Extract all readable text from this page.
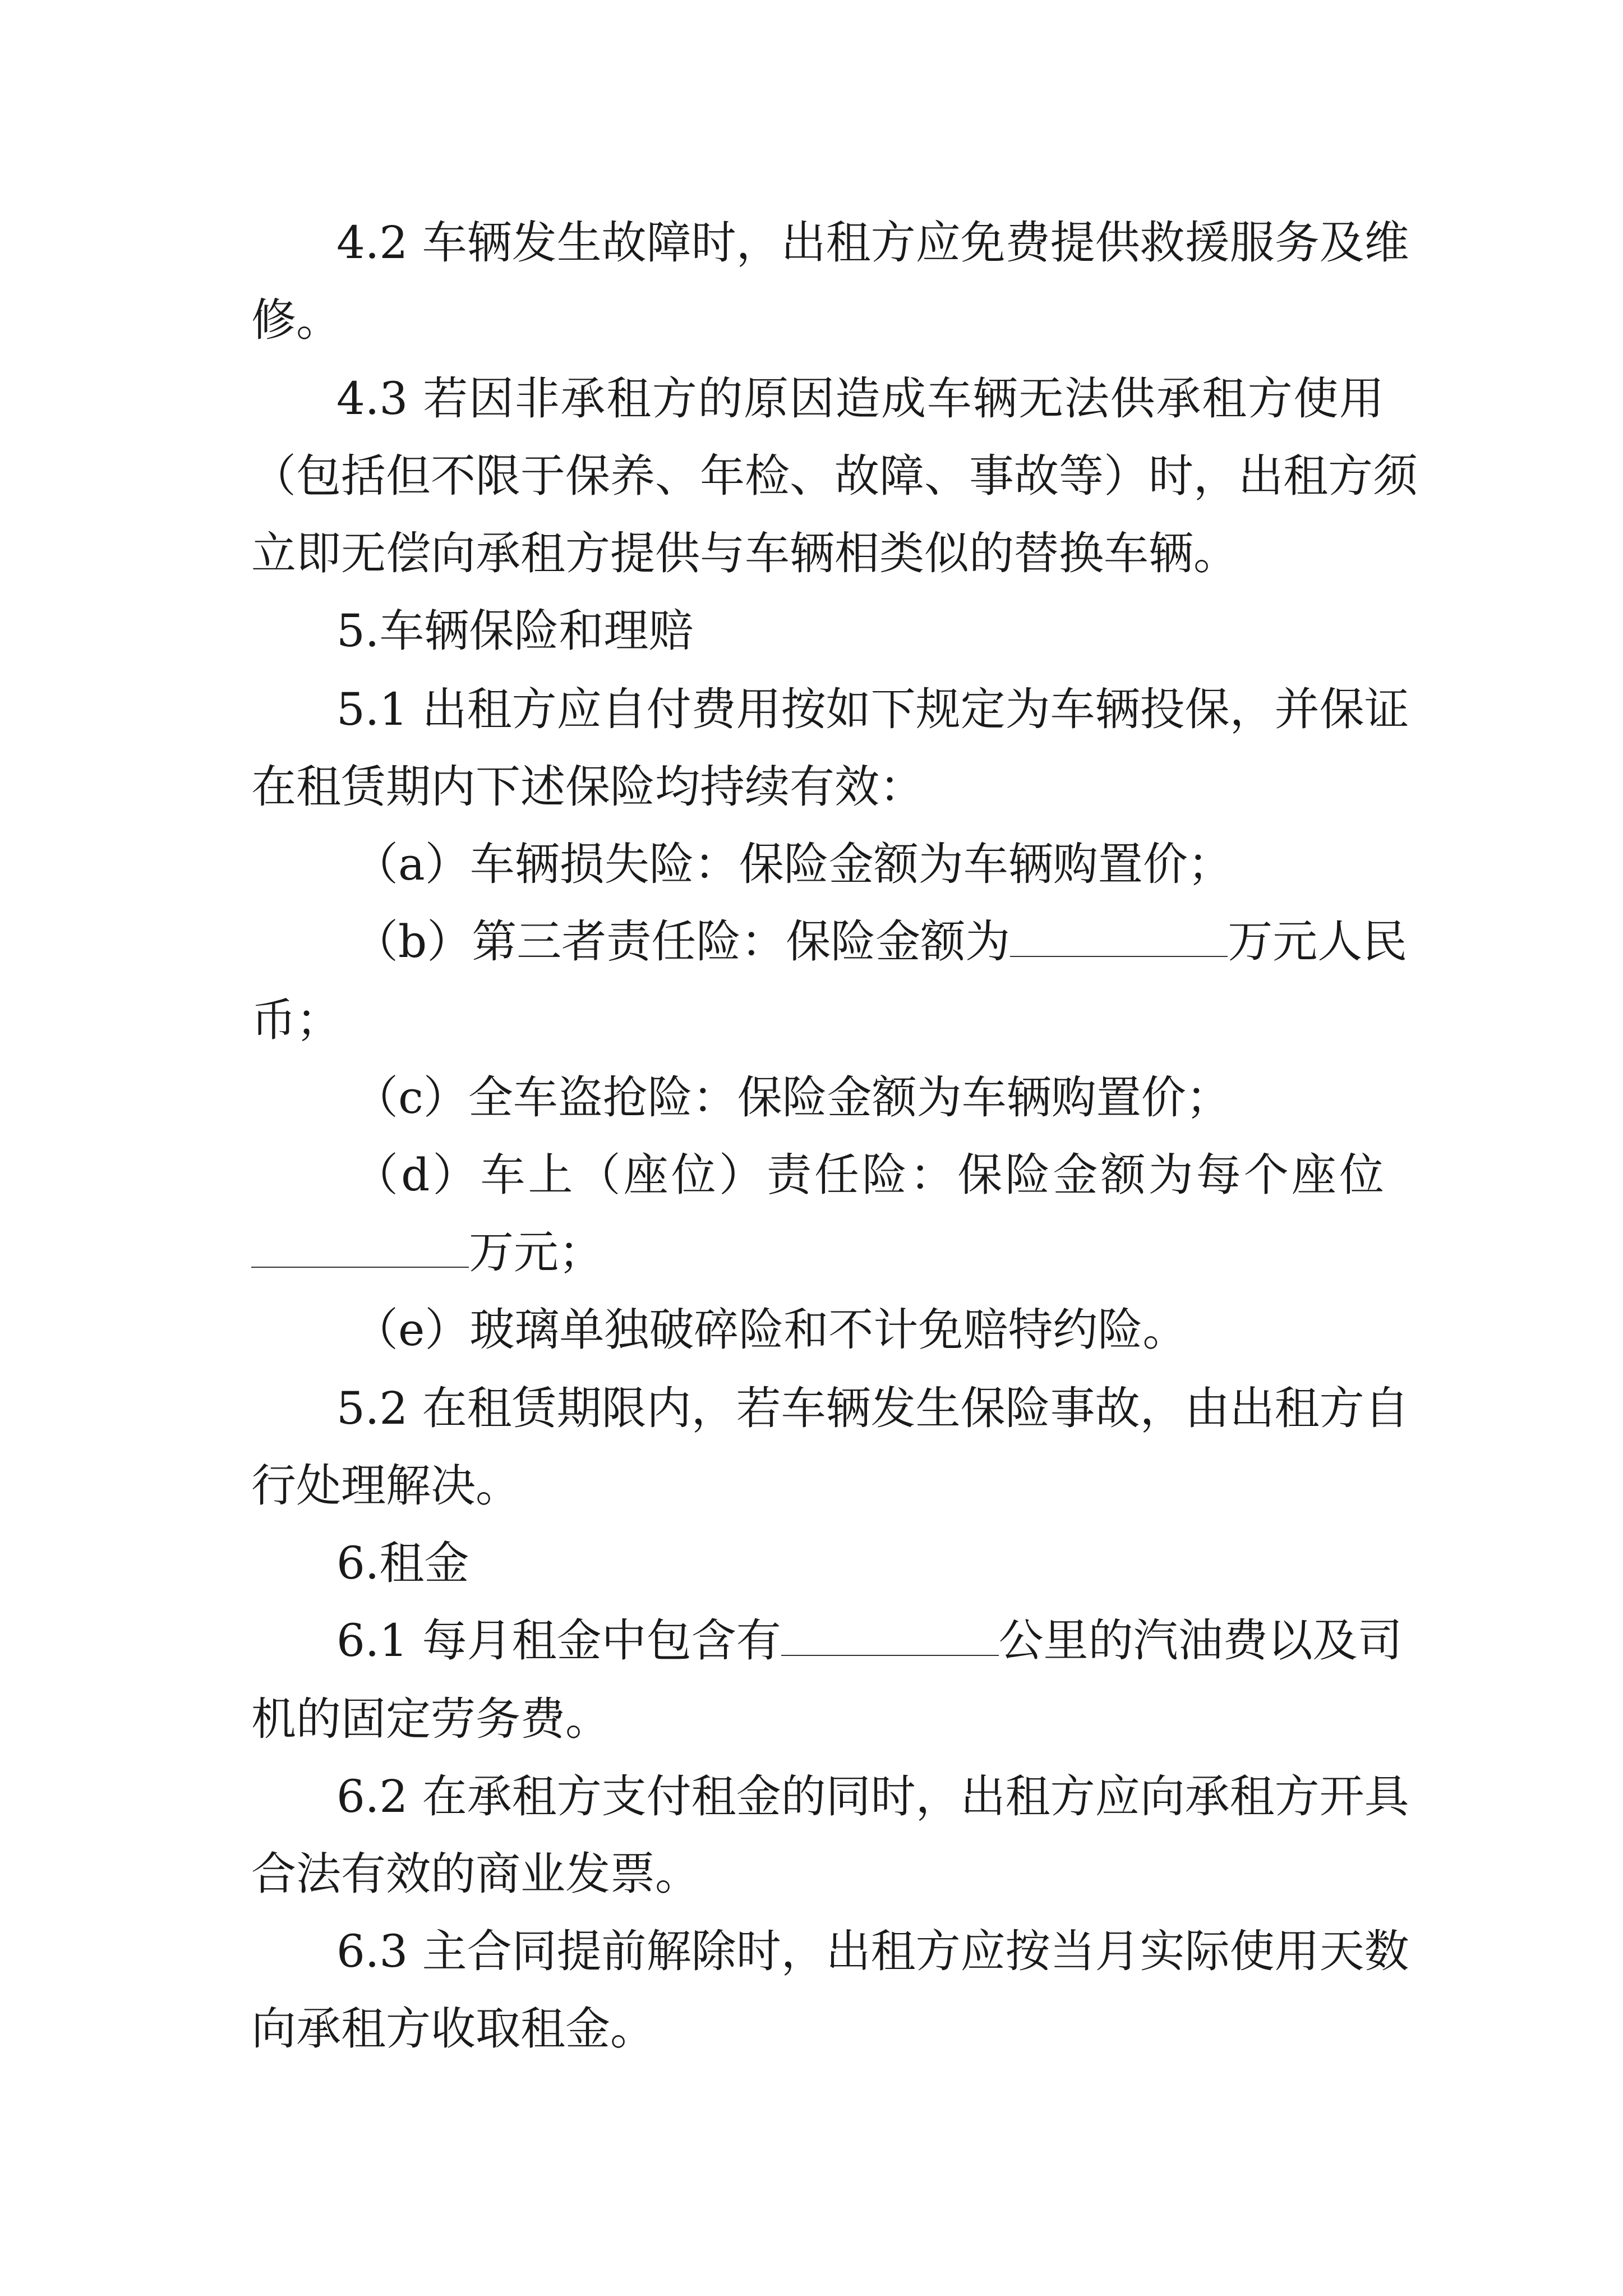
4.2 车辆发生故障时，出租方应免费提供救援服务及维
修。
4.3 若因非承租方的原因造成车辆无法供承租方使用
（包括但不限于保养、年检、故障、事故等）时，出租方须
立即无偿向承租方提供与车辆相类似的替换车辆。
5.车辆保险和理赔
5.1 出租方应自付费用按如下规定为车辆投保，并保证
在租赁期内下述保险均持续有效：
（a）车辆损失险：保险金额为车辆购置价；
（b）第三者责任险：保险金额为	万元人民
币；
（c）全车盗抢险：保险金额为车辆购置价；
（d）车上（座位）责任险：保险金额为每个座位
万元；
（e）玻璃单独破碎险和不计免赔特约险。
5.2 在租赁期限内，若车辆发生保险事故，由出租方自
行处理解决。
6.租金
6.1 每月租金中包含有	公里的汽油费以及司
机的固定劳务费。
6.2 在承租方支付租金的同时，出租方应向承租方开具
合法有效的商业发票。
6.3 主合同提前解除时，出租方应按当月实际使用天数
向承租方收取租金。
